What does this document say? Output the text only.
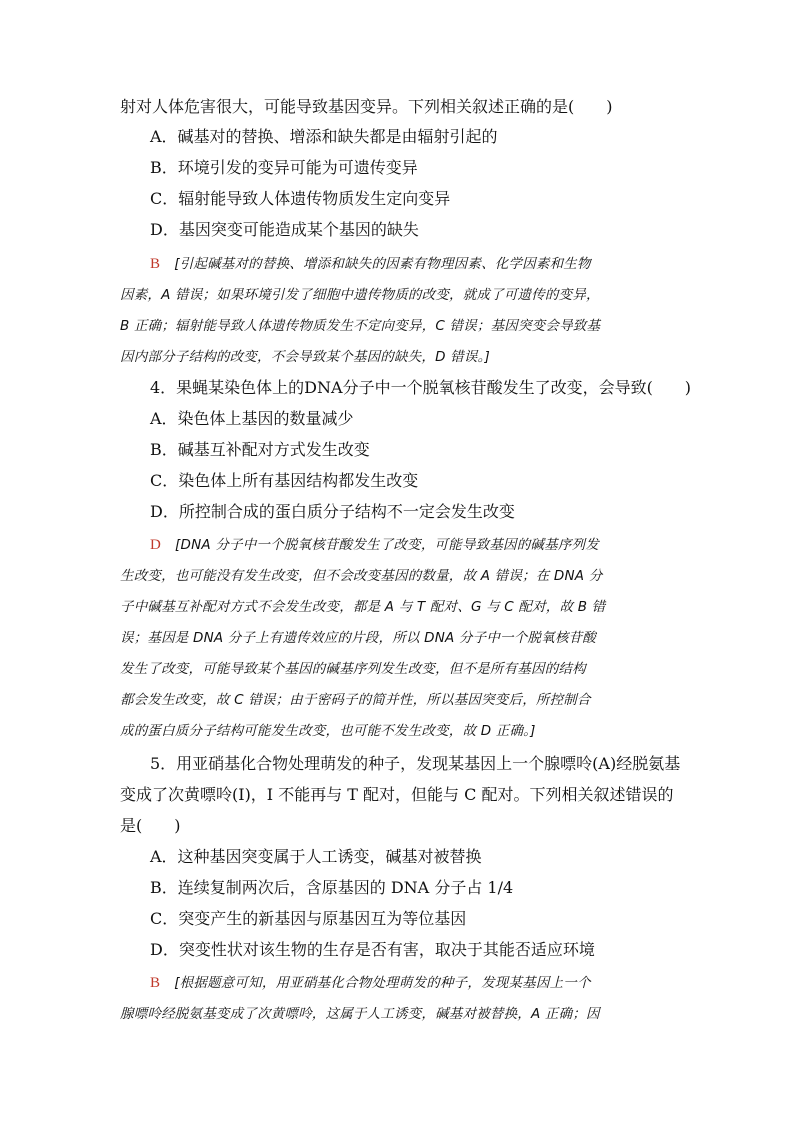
射对人体危害很大，可能导致基因变异。下列相关叙述正确的是(　　)
A．碱基对的替换、增添和缺失都是由辐射引起的
B．环境引发的变异可能为可遗传变异
C．辐射能导致人体遗传物质发生定向变异
D．基因突变可能造成某个基因的缺失
B [引起碱基对的替换、增添和缺失的因素有物理因素、化学因素和生物
因素，A 错误；如果环境引发了细胞中遗传物质的改变，就成了可遗传的变异，
B 正确；辐射能导致人体遗传物质发生不定向变异，C 错误；基因突变会导致基
因内部分子结构的改变，不会导致某个基因的缺失，D 错误。]
4．果蝇某染色体上的DNA分子中一个脱氧核苷酸发生了改变，会导致(　　)
A．染色体上基因的数量减少
B．碱基互补配对方式发生改变
C．染色体上所有基因结构都发生改变
D．所控制合成的蛋白质分子结构不一定会发生改变
D [DNA 分子中一个脱氧核苷酸发生了改变，可能导致基因的碱基序列发
生改变，也可能没有发生改变，但不会改变基因的数量，故 A 错误；在 DNA 分
子中碱基互补配对方式不会发生改变，都是 A 与 T 配对、G 与 C 配对，故 B 错
误；基因是 DNA 分子上有遗传效应的片段，所以 DNA 分子中一个脱氧核苷酸
发生了改变，可能导致某个基因的碱基序列发生改变，但不是所有基因的结构
都会发生改变，故 C 错误；由于密码子的简并性，所以基因突变后，所控制合
成的蛋白质分子结构可能发生改变，也可能不发生改变，故 D 正确。]
5．用亚硝基化合物处理萌发的种子，发现某基因上一个腺嘌呤(A)经脱氨基
变成了次黄嘌呤(I)，I 不能再与 T 配对，但能与 C 配对。下列相关叙述错误的
是(　　)
A．这种基因突变属于人工诱变，碱基对被替换
B．连续复制两次后，含原基因的 DNA 分子占 1/4
C．突变产生的新基因与原基因互为等位基因
D．突变性状对该生物的生存是否有害，取决于其能否适应环境
B [根据题意可知，用亚硝基化合物处理萌发的种子，发现某基因上一个
腺嘌呤经脱氨基变成了次黄嘌呤，这属于人工诱变，碱基对被替换，A 正确；因
